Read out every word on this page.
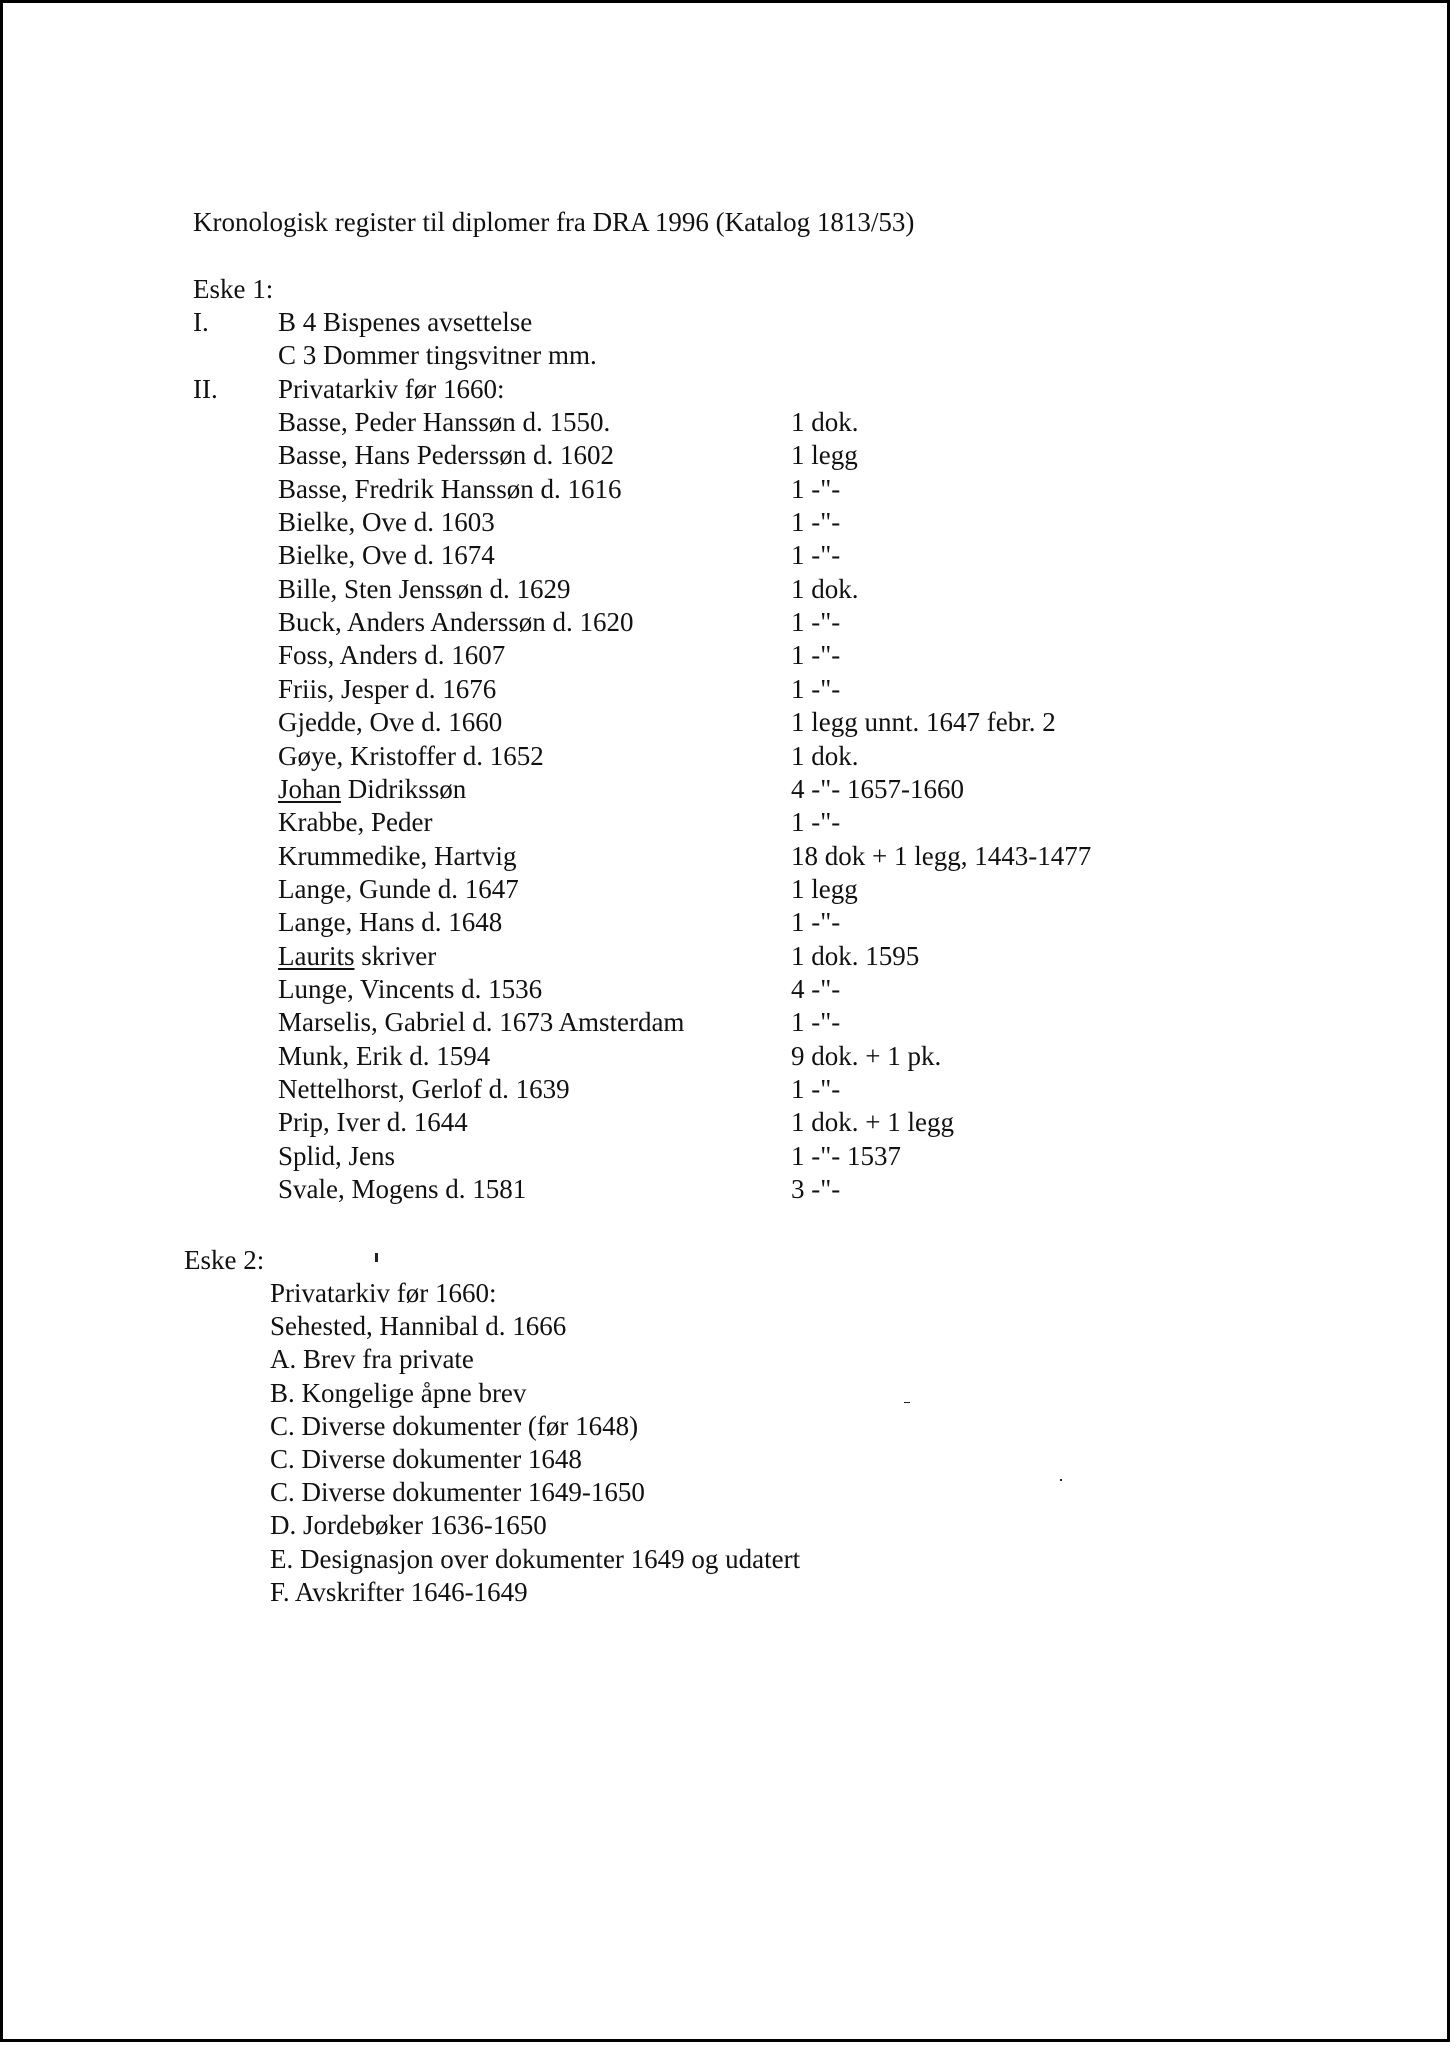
Kronologisk register til diplomer fra DRA 1996 (Katalog 1813/53)
Eske 1:
I.	B 4 Bispenes avsettelse
C 3 Dommer tingsvitner mm.
II. Privatarkiv før 1660:
Basse, Peder Hanssøn d. 1550.	1 dok.
Basse, Hans Pederssøn d. 1602	1 legg
Basse, Fredrik Hanssøn d. 1616	1 -"-
Bielke, Ove d. 1603	1 -"-
Bielke, Ove d. 1674	1 -"-
Bille, Sten Jenssøn d. 1629	1 dok.
Buck, Anders Anderssøn d. 1620	1 -"-
Foss, Anders d. 1607	1 -"-
Friis, Jesper d. 1676	1 -"-
Gjedde, Ove d. 1660	1 legg unnt. 1647 febr. 2
Gøye, Kristoffer d. 1652	1 dok.
Johan Didrikssøn	4 -"- 1657-1660
Krabbe, Peder	1 -"-
Krummedike, Hartvig	18 dok + 1 legg, 1443-1477
Lange, Gunde d. 1647	1 legg
Lange, Hans d. 1648	1 -"-
Laurits skriver	1 dok. 1595
Lunge, Vincents d. 1536	4 -"-
Marselis, Gabriel d. 1673 Amsterdam	1 -"-
Munk, Erik d. 1594	9 dok. + 1 pk.
Nettelhorst, Gerlof d. 1639	1 -"-
Prip, Iver d. 1644	1 dok. + 1 legg
Splid, Jens	1 -"- 1537
Svale, Mogens d. 1581	3 -"-
Eske 2:
Privatarkiv før 1660:
Sehested, Hannibal d. 1666
A. Brev fra private
B. Kongelige åpne brev
C. Diverse dokumenter (før 1648)
C. Diverse dokumenter 1648
C. Diverse dokumenter 1649-1650
D. Jordebøker 1636-1650
E. Designasjon over dokumenter 1649 og udatert
F. Avskrifter 1646-1649
